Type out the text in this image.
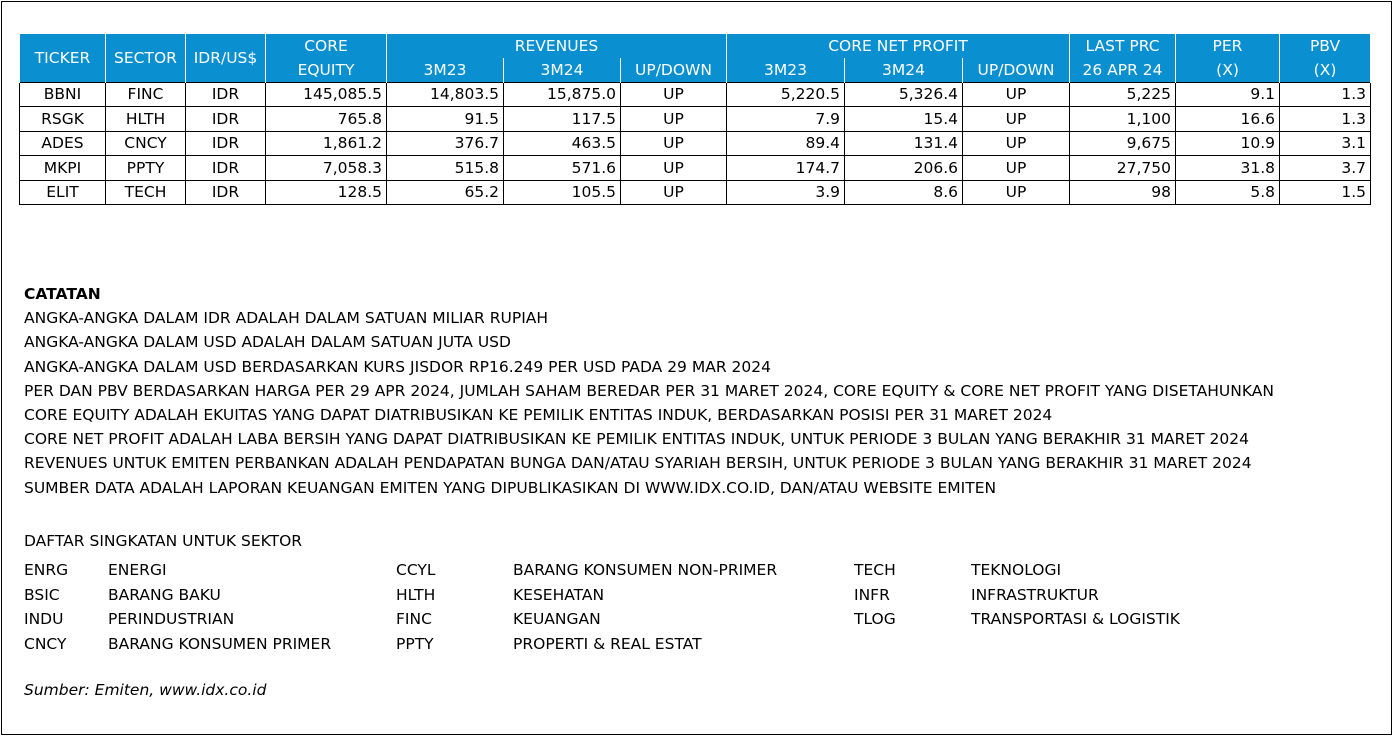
TICKER	SECTOR	IDR/US$	CORE	REVENUES			CORE NET PROFIT			LAST PRC	PER	PBV
			EQUITY	3M23	3M24	UP/DOWN	3M23	3M24	UP/DOWN	26 APR 24	(X)	(X)
BBNI	FINC	IDR	145,085.5	14,803.5	15,875.0	UP	5,220.5	5,326.4	UP	5,225	9.1	1.3
RSGK	HLTH	IDR	765.8	91.5	117.5	UP	7.9	15.4	UP	1,100	16.6	1.3
ADES	CNCY	IDR	1,861.2	376.7	463.5	UP	89.4	131.4	UP	9,675	10.9	3.1
MKPI	PPTY	IDR	7,058.3	515.8	571.6	UP	174.7	206.6	UP	27,750	31.8	3.7
ELIT	TECH	IDR	128.5	65.2	105.5	UP	3.9	8.6	UP	98	5.8	1.5
CATATAN
ANGKA-ANGKA DALAM IDR ADALAH DALAM SATUAN MILIAR RUPIAH
ANGKA-ANGKA DALAM USD ADALAH DALAM SATUAN JUTA USD
ANGKA-ANGKA DALAM USD BERDASARKAN KURS JISDOR RP16.249 PER USD PADA 29 MAR 2024
PER DAN PBV BERDASARKAN HARGA PER 29 APR 2024, JUMLAH SAHAM BEREDAR PER 31 MARET 2024, CORE EQUITY & CORE NET PROFIT YANG DISETAHUNKAN
CORE EQUITY ADALAH EKUITAS YANG DAPAT DIATRIBUSIKAN KE PEMILIK ENTITAS INDUK, BERDASARKAN POSISI PER 31 MARET 2024
CORE NET PROFIT ADALAH LABA BERSIH YANG DAPAT DIATRIBUSIKAN KE PEMILIK ENTITAS INDUK, UNTUK PERIODE 3 BULAN YANG BERAKHIR 31 MARET 2024
REVENUES UNTUK EMITEN PERBANKAN ADALAH PENDAPATAN BUNGA DAN/ATAU SYARIAH BERSIH, UNTUK PERIODE 3 BULAN YANG BERAKHIR 31 MARET 2024
SUMBER DATA ADALAH LAPORAN KEUANGAN EMITEN YANG DIPUBLIKASIKAN DI WWW.IDX.CO.ID, DAN/ATAU WEBSITE EMITEN
DAFTAR SINGKATAN UNTUK SEKTOR
ENRG	ENERGI
BSIC	BARANG BAKU
INDU	PERINDUSTRIAN
CNCY	BARANG KONSUMEN PRIMER
CCYL	BARANG KONSUMEN NON-PRIMER
HLTH	KESEHATAN
FINC	KEUANGAN
PPTY	PROPERTI & REAL ESTAT
TECH	TEKNOLOGI
INFR	INFRASTRUKTUR
TLOG	TRANSPORTASI & LOGISTIK
Sumber: Emiten, www.idx.co.id
